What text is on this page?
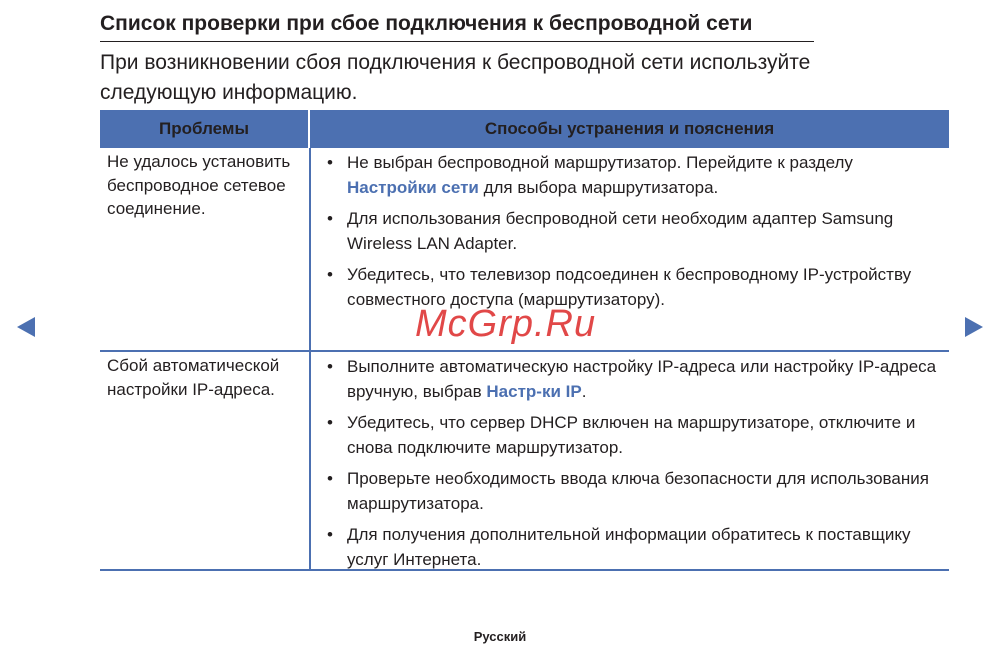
Список проверки при сбое подключения к беспроводной сети
При возникновении сбоя подключения к беспроводной сети используйте следующую информацию.
Проблемы	Способы устранения и пояснения
Не удалось установить беспроводное сетевое соединение.
• Не выбран беспроводной маршрутизатор. Перейдите к разделу Настройки сети для выбора маршрутизатора.
• Для использования беспроводной сети необходим адаптер Samsung Wireless LAN Adapter.
• Убедитесь, что телевизор подсоединен к беспроводному IP-устройству совместного доступа (маршрутизатору).
Сбой автоматической настройки IP-адреса.
• Выполните автоматическую настройку IP-адреса или настройку IP-адреса вручную, выбрав Настр-ки IP.
• Убедитесь, что сервер DHCP включен на маршрутизаторе, отключите и снова подключите маршрутизатор.
• Проверьте необходимость ввода ключа безопасности для использования маршрутизатора.
• Для получения дополнительной информации обратитесь к поставщику услуг Интернета.
McGrp.Ru
Русский
